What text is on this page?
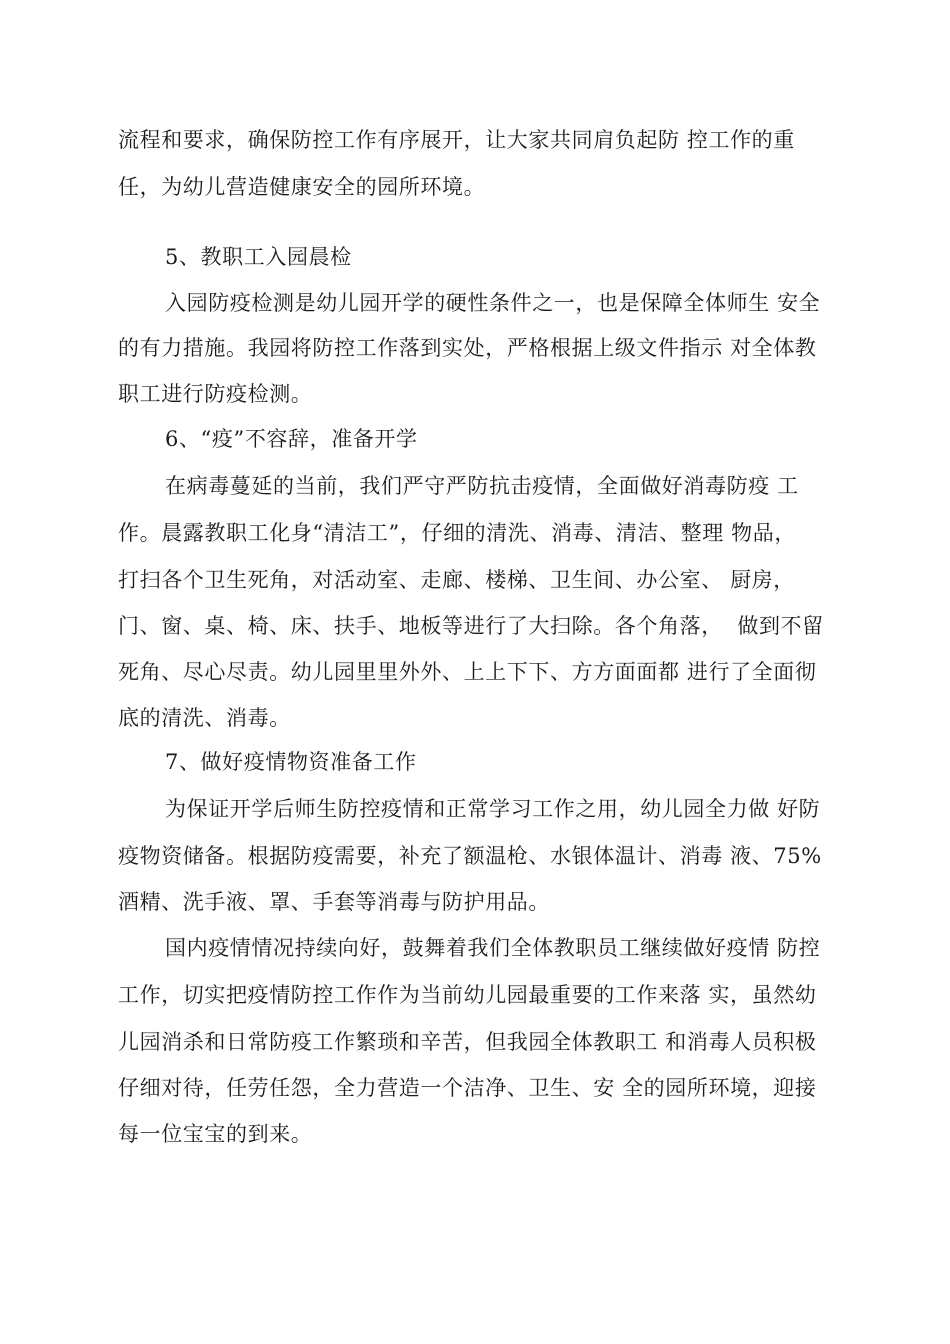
流程和要求，确保防控工作有序展开，让大家共同肩负起防 控工作的重
任，为幼儿营造健康安全的园所环境。
5、教职工入园晨检
入园防疫检测是幼儿园开学的硬性条件之一，也是保障全体师生 安全
的有力措施。我园将防控工作落到实处，严格根据上级文件指示 对全体教
职工进行防疫检测。
6、“疫”不容辞，准备开学
在病毒蔓延的当前，我们严守严防抗击疫情，全面做好消毒防疫 工
作。晨露教职工化身“清洁工”，仔细的清洗、消毒、清洁、整理 物品，
打扫各个卫生死角，对活动室、走廊、楼梯、卫生间、办公室、 厨房，
门、窗、桌、椅、床、扶手、地板等进行了大扫除。各个角落，  做到不留
死角、尽心尽责。幼儿园里里外外、上上下下、方方面面都 进行了全面彻
底的清洗、消毒。
7、做好疫情物资准备工作
为保证开学后师生防控疫情和正常学习工作之用，幼儿园全力做 好防
疫物资储备。根据防疫需要，补充了额温枪、水银体温计、消毒 液、75%
酒精、洗手液、罩、手套等消毒与防护用品。
国内疫情情况持续向好，鼓舞着我们全体教职员工继续做好疫情 防控
工作，切实把疫情防控工作作为当前幼儿园最重要的工作来落 实，虽然幼
儿园消杀和日常防疫工作繁琐和辛苦，但我园全体教职工 和消毒人员积极
仔细对待，任劳任怨，全力营造一个洁净、卫生、安 全的园所环境，迎接
每一位宝宝的到来。
